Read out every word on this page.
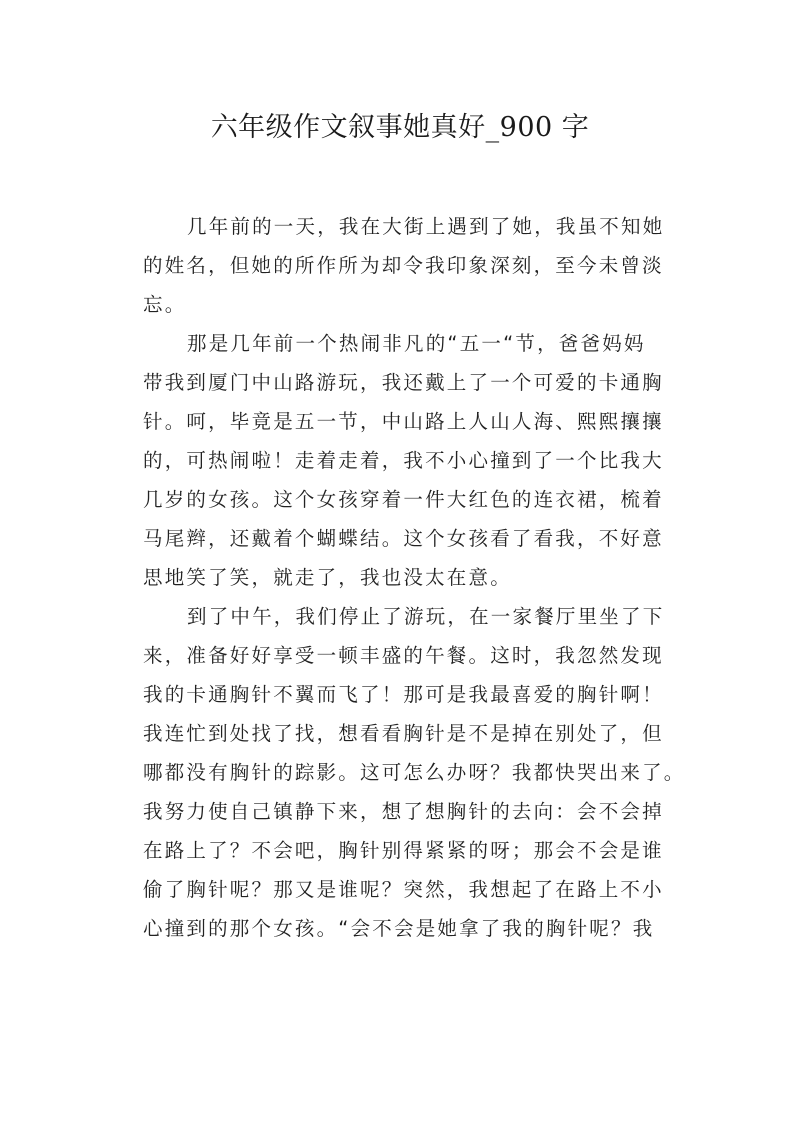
六年级作文叙事她真好_900 字

几年前的一天，我在大街上遇到了她，我虽不知她
的姓名，但她的所作所为却令我印象深刻，至今未曾淡
忘。

那是几年前一个热闹非凡的“五一“节，爸爸妈妈
带我到厦门中山路游玩，我还戴上了一个可爱的卡通胸
针。呵，毕竟是五一节，中山路上人山人海、熙熙攘攘
的，可热闹啦！走着走着，我不小心撞到了一个比我大
几岁的女孩。这个女孩穿着一件大红色的连衣裙，梳着
马尾辫，还戴着个蝴蝶结。这个女孩看了看我，不好意
思地笑了笑，就走了，我也没太在意。

到了中午，我们停止了游玩，在一家餐厅里坐了下
来，准备好好享受一顿丰盛的午餐。这时，我忽然发现
我的卡通胸针不翼而飞了！那可是我最喜爱的胸针啊！
我连忙到处找了找，想看看胸针是不是掉在别处了，但
哪都没有胸针的踪影。这可怎么办呀？我都快哭出来了。
我努力使自己镇静下来，想了想胸针的去向：会不会掉
在路上了？不会吧，胸针别得紧紧的呀；那会不会是谁
偷了胸针呢？那又是谁呢？突然，我想起了在路上不小
心撞到的那个女孩。“会不会是她拿了我的胸针呢？我
